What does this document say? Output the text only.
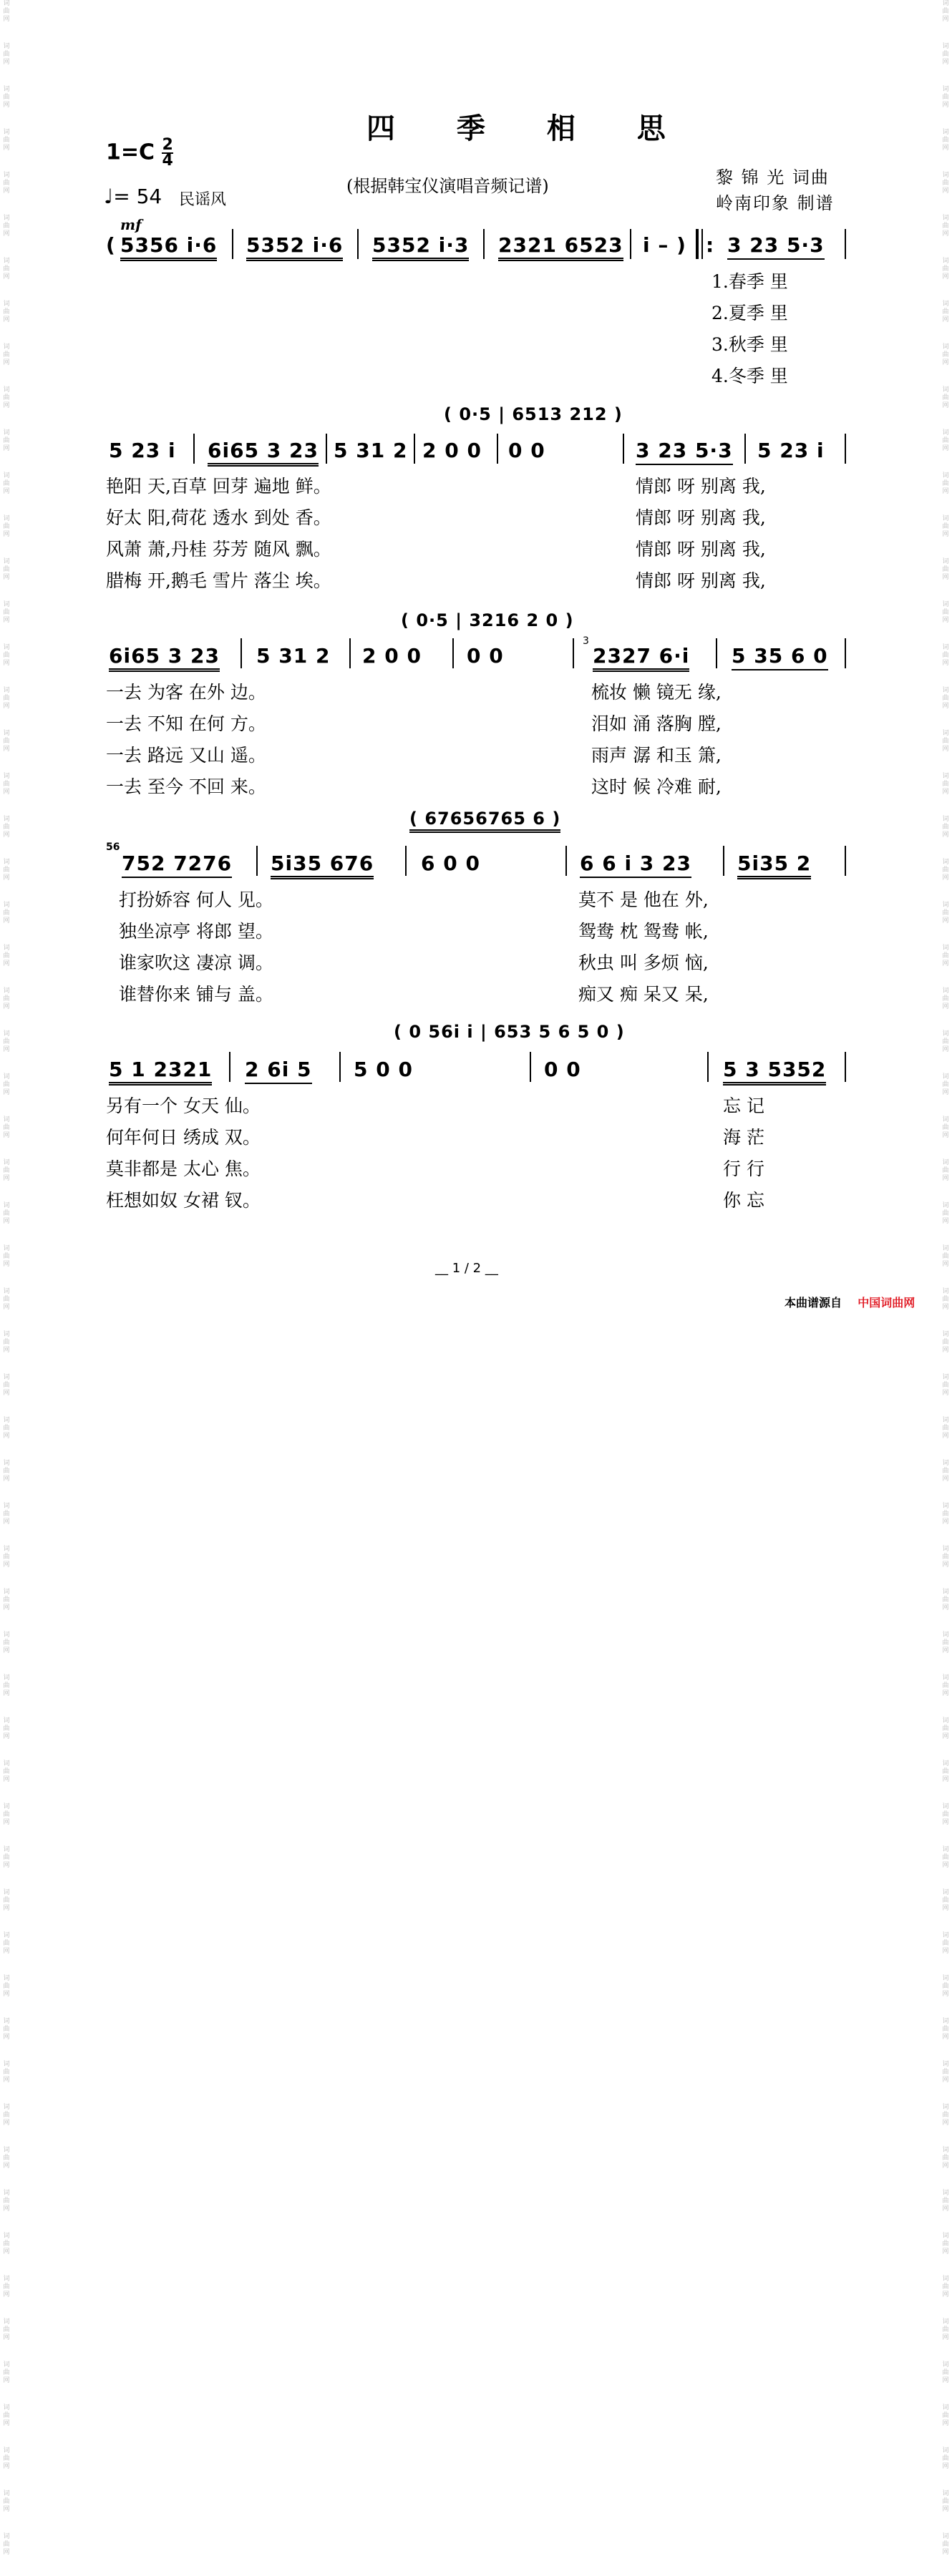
词
曲
网
词
曲
网
词
曲
网
词
曲
网
词
曲
网
词
曲
网
词
曲
网
词
曲
网
词
曲
网
词
曲
网
词
曲
网
词
曲
网
词
曲
网
词
曲
网
词
曲
网
词
曲
网
词
曲
网
词
曲
网
词
曲
网
词
曲
网
词
曲
网
词
曲
网
词
曲
网
词
曲
网
词
曲
网
词
曲
网
词
曲
网
词
曲
网
词
曲
网
词
曲
网
词
曲
网
词
曲
网
词
曲
网
词
曲
网
词
曲
网
词
曲
网
词
曲
网
词
曲
网
词
曲
网
词
曲
网
词
曲
网
词
曲
网
词
曲
网
词
曲
网
词
曲
网
词
曲
网
词
曲
网
词
曲
网
词
曲
网
词
曲
网
词
曲
网
词
曲
网
词
曲
网
词
曲
网
词
曲
网
词
曲
网
词
曲
网
词
曲
网
词
曲
网
词
曲
网
词
曲
网
词
曲
网
词
曲
网
词
曲
网
词
曲
网
词
曲
网
词
曲
网
词
曲
网
词
曲
网
词
曲
网
词
曲
网
词
曲
网
词
曲
网
词
曲
网
词
曲
网
词
曲
网
词
曲
网
词
曲
网
词
曲
网
词
曲
网
词
曲
网
词
曲
网
词
曲
网
词
曲
网
词
曲
网
词
曲
网
词
曲
网
词
曲
网
词
曲
网
词
曲
网
词
曲
网
词
曲
网
词
曲
网
词
曲
网
词
曲
网
词
曲
网
词
曲
网
词
曲
网
词
曲
网
词
曲
网
词
曲
网
词
曲
网
词
曲
网
词
曲
网
词
曲
网
词
曲
网
词
曲
网
词
曲
网
词
曲
网
词
曲
网
词
曲
网
词
曲
网
词
曲
网
词
曲
网
词
曲
网
词
曲
网
词
曲
网
词
曲
网
词
曲
网
词
曲
网
四 季 相 思
$1=C \frac{2}{4}$
♩= 54 民谣风
(根据韩宝仪演唱音频记谱)	黎 锦 光 词曲
岭南印象 制谱
mf
( 5356 i·6 5352 i·6 5352 i·3 2321 6523 i – ) : 3 23 5·3
1.春季 里
2.夏季 里
3.秋季 里
4.冬季 里
( 0·5 | 6513 212 )
5 23 i 6i65 3 23 5 31 2 2 0 0 0 0	3 23 5·3 5 23 i
艳阳 天,百草 回芽 遍地 鲜。
好太 阳,荷花 透水 到处 香。
风萧 萧,丹桂 芬芳 随风 飘。
腊梅 开,鹅毛 雪片 落尘 埃。
情郎 呀 别离 我,
情郎 呀 别离 我,
情郎 呀 别离 我,
情郎 呀 别离 我,
( 0·5 | 3216 2 0 )
6i65 3 23 5 31 2 2 0 0 0 0
3
2327 6·i 5 35 6 0
一去 为客 在外 边。
一去 不知 在何 方。
一去 路远 又山 遥。
一去 至今 不回 来。
梳妆 懒 镜无 缘,
泪如 涌 落胸 膛,
雨声 潺 和玉 箫,
这时 候 冷难 耐,
( 67656765 6 )
56
752 7276 5i35 676 6 0 0	6 6 i 3 23 5i35 2
打扮娇容 何人 见。
独坐凉亭 将郎 望。
谁家吹这 凄凉 调。
谁替你来 铺与 盖。
莫不 是 他在 外,
鸳鸯 枕 鸳鸯 帐,
秋虫 叫 多烦 恼,
痴又 痴 呆又 呆,
( 0 56i i | 653 5 6 5 0 )
5 1 2321 2 6i 5 5 0 0	0 0	5 3 5352
另有一个 女天 仙。
何年何日 绣成 双。
莫非都是 太心 焦。
枉想如奴 女裙 钗。
忘 记
海 茫
行 行
你 忘
__ 1 / 2 __
本曲谱源自 中国词曲网
